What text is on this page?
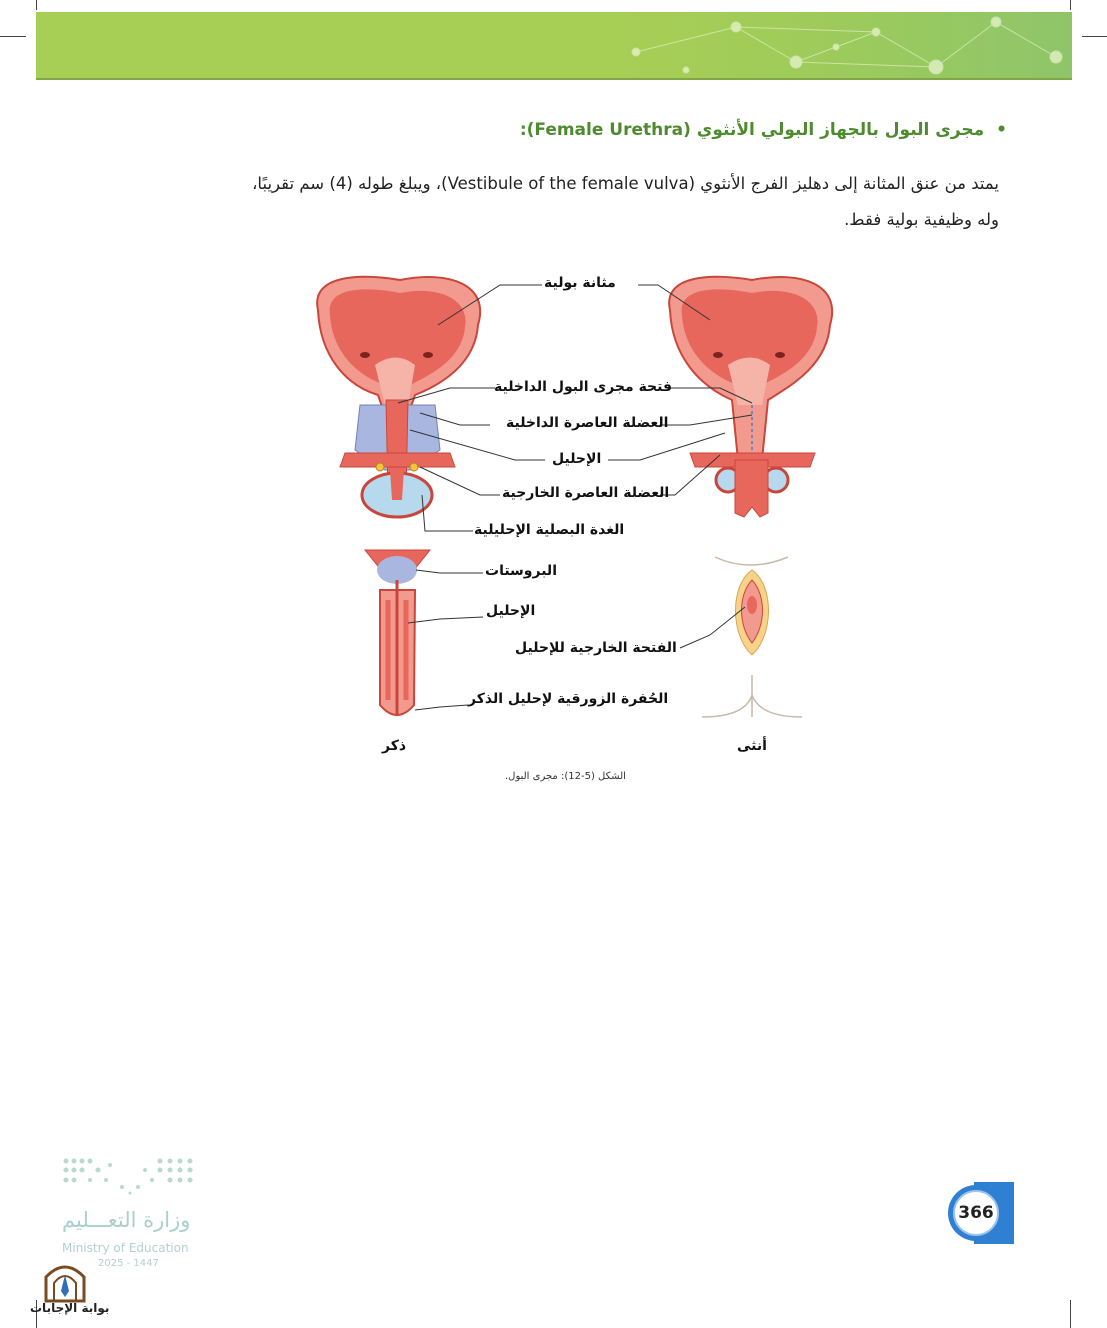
• مجرى البول بالجهاز البولي الأنثوي (Female Urethra):
يمتد من عنق المثانة إلى دهليز الفرج الأنثوي (Vestibule of the female vulva)، ويبلغ طوله (4) سم تقريبًا،
وله وظيفية بولية فقط.
مثانة بولية
فتحة مجرى البول الداخلية
العضلة العاصرة الداخلية
الإحليل
العضلة العاصرة الخارجية
الغدة البصلية الإحليلية
البروستات
الإحليل
الفتحة الخارجية للإحليل
الحُفرة الزورقية لإحليل الذكر
ذكر	أنثى
الشكل (5-12): مجرى البول.
وزارة التعـــليم
Ministry of Education
2025 - 1447
بوابة الإجابات
366
